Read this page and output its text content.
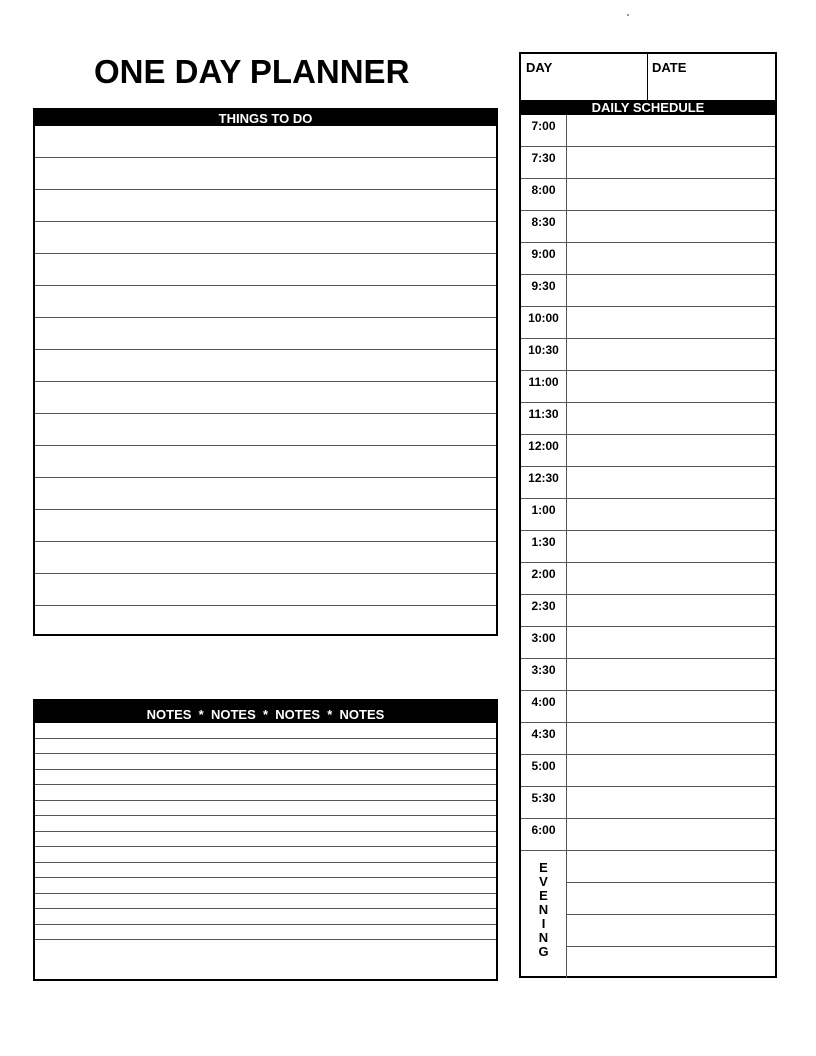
ONE DAY PLANNER
THINGS TO DO
NOTES  *  NOTES  *  NOTES  *  NOTES
DAY	DATE
DAILY SCHEDULE
7:00
7:30
8:00
8:30
9:00
9:30
10:00
10:30
11:00
11:30
12:00
12:30
1:00
1:30
2:00
2:30
3:00
3:30
4:00
4:30
5:00
5:30
6:00
E
V
E
N
I
N
G
